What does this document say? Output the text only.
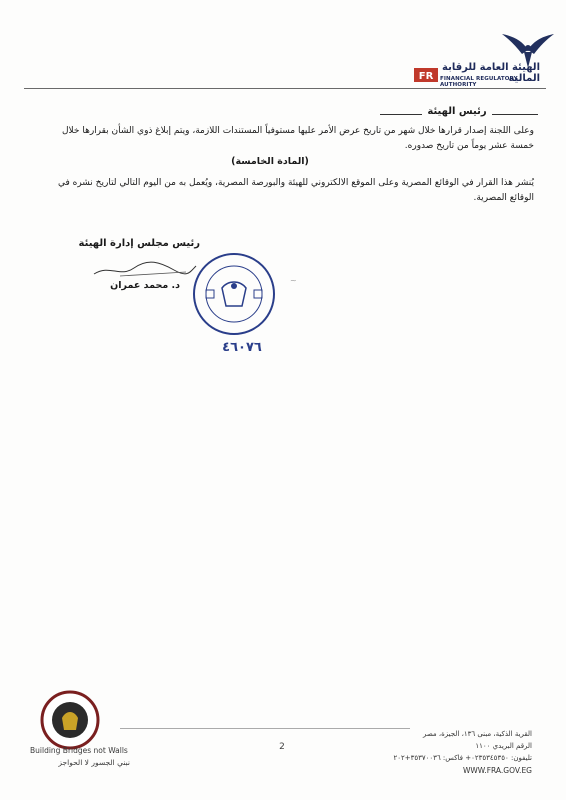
FR
الهيئة العامة للرقابة المالية
FINANCIAL REGULATORY AUTHORITY
رئيس الهيئة
وعلى اللجنة إصدار قرارها خلال شهر من تاريخ عرض الأمر عليها مستوفياً المستندات اللازمة، ويتم إبلاغ ذوي الشأن بقرارها خلال خمسة عشر يوماً من تاريخ صدوره.
(المادة الخامسة)
يُنشر هذا القرار في الوقائع المصرية وعلى الموقع الالكتروني للهيئة والبورصة المصرية، ويُعمل به من اليوم التالي لتاريخ نشره في الوقائع المصرية.
رئيس مجلس إدارة الهيئة
د. محمد عمران
٤٦٠٧٦
~
Building Bridges not Walls
نبني الجسور لا الحواجز
2
القرية الذكية، مبنى ١٣٦، الجيزة، مصر
الرقم البريدي ١١٠٠
تليفون: ٠٢٣٥٣٤٥٣٥٠+ فاكس: ٣٥٣٧٠٠٣٦+٢٠٢
WWW.FRA.GOV.EG
